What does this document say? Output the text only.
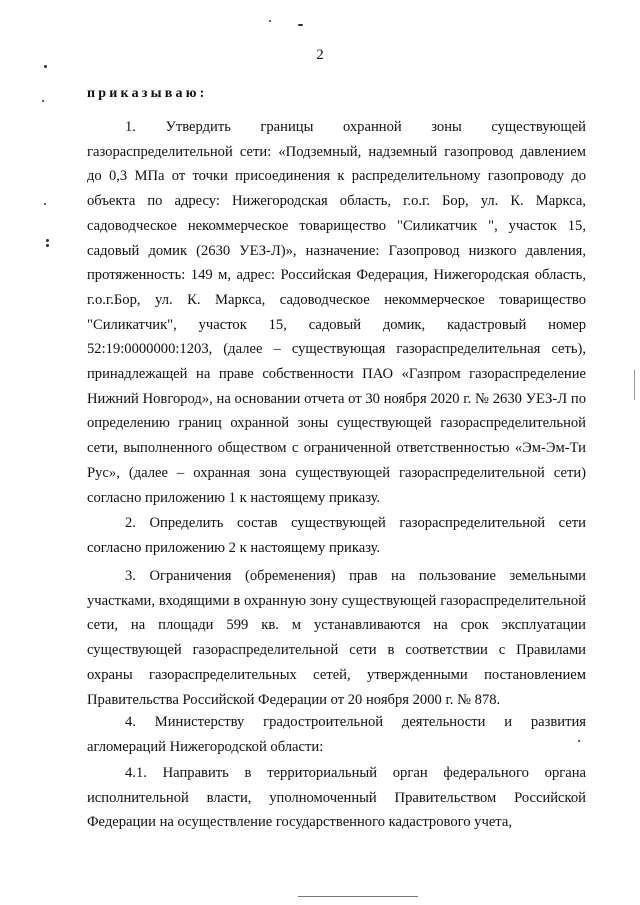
2
приказываю:

1. Утвердить границы охранной зоны существующей газораспределительной сети: «Подземный, надземный газопровод давлением до 0,3 МПа от точки присоединения к распределительному газопроводу до объекта по адресу: Нижегородская область, г.о.г. Бор, ул. К. Маркса, садоводческое некоммерческое товарищество "Силикатчик ", участок 15, садовый домик (2630 УЕЗ-Л)», назначение: Газопровод низкого давления, протяженность: 149 м, адрес: Российская Федерация, Нижегородская область, г.о.г.Бор, ул. К. Маркса, садоводческое некоммерческое товарищество "Силикатчик", участок 15, садовый домик, кадастровый номер 52:19:0000000:1203, (далее – существующая газораспределительная сеть), принадлежащей на праве собственности ПАО «Газпром газораспределение Нижний Новгород», на основании отчета от 30 ноября 2020 г. № 2630 УЕЗ-Л по определению границ охранной зоны существующей газораспределительной сети, выполненного обществом с ограниченной ответственностью «Эм-Эм-Ти Рус», (далее – охранная зона существующей газораспределительной сети) согласно приложению 1 к настоящему приказу.

2. Определить состав существующей газораспределительной сети согласно приложению 2 к настоящему приказу.

3. Ограничения (обременения) прав на пользование земельными участками, входящими в охранную зону существующей газораспределительной сети, на площади 599 кв. м устанавливаются на срок эксплуатации существующей газораспределительной сети в соответствии с Правилами охраны газораспределительных сетей, утвержденными постановлением Правительства Российской Федерации от 20 ноября 2000 г. № 878.

4. Министерству градостроительной деятельности и развития агломераций Нижегородской области:

4.1. Направить в территориальный орган федерального органа исполнительной власти, уполномоченный Правительством Российской Федерации на осуществление государственного кадастрового учета,
